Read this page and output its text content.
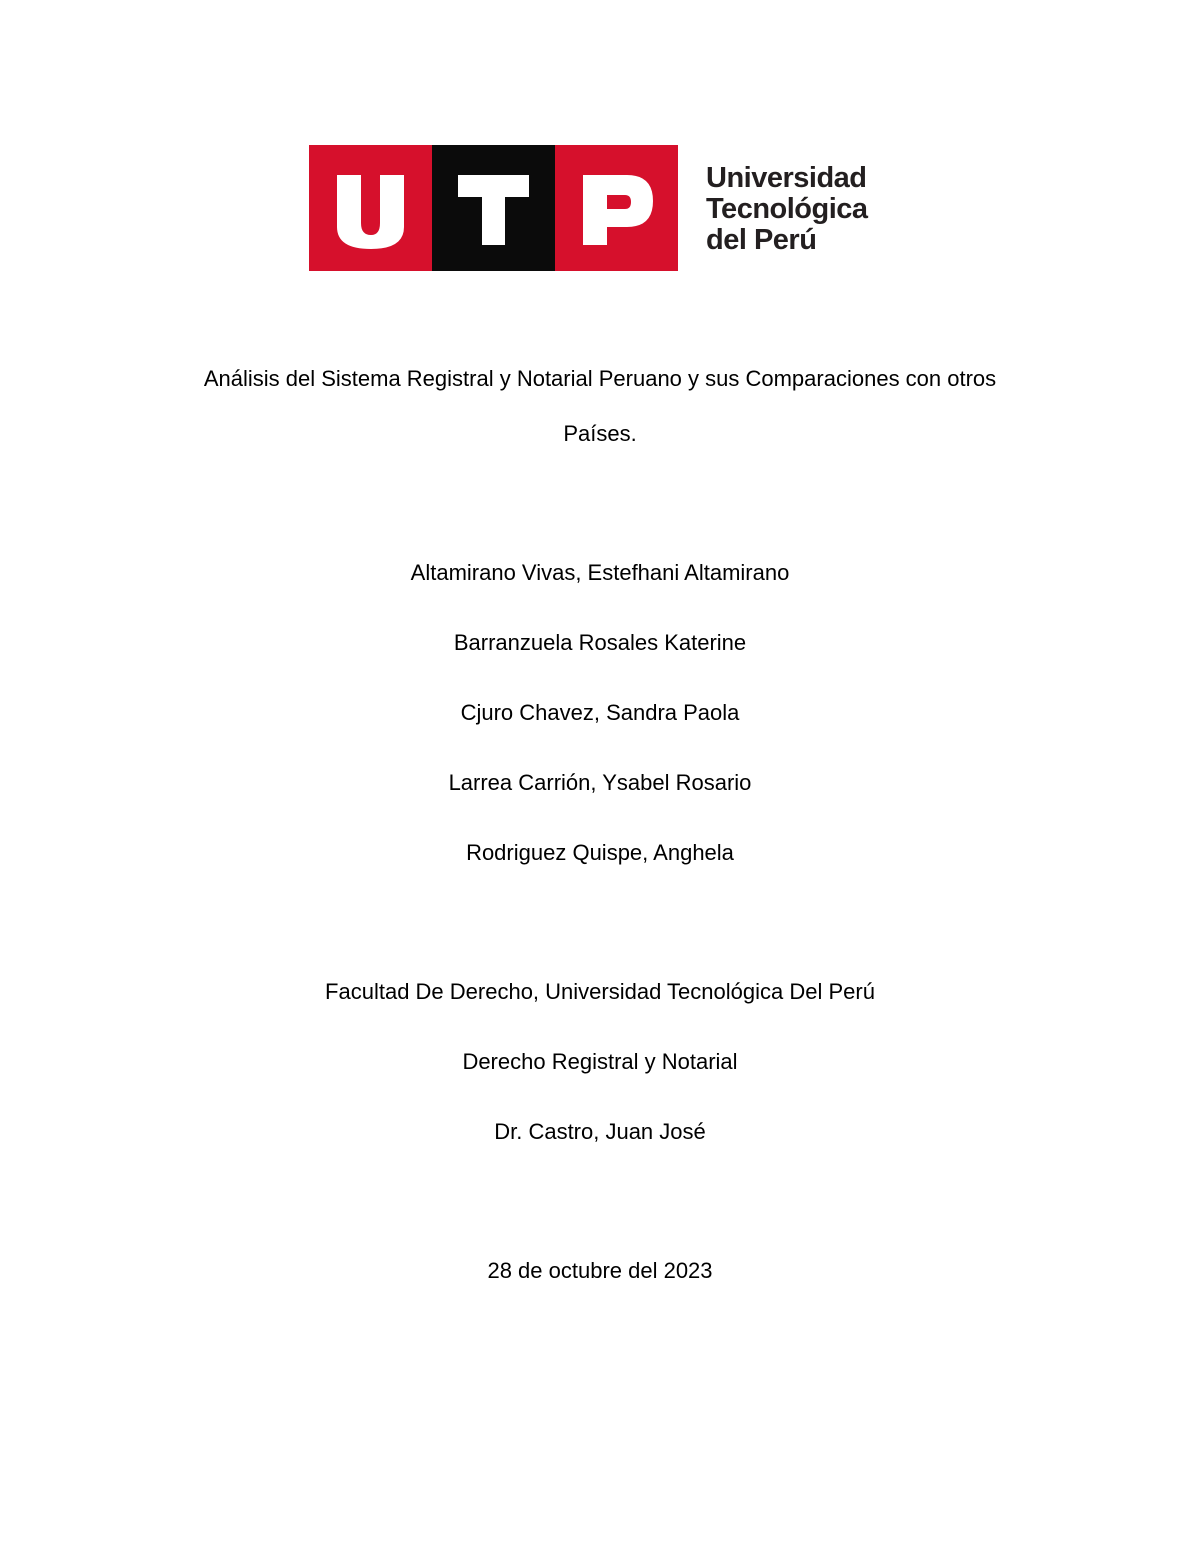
Universidad
Tecnológica
del Perú
Análisis del Sistema Registral y Notarial Peruano y sus Comparaciones con otros
Países.
Altamirano Vivas, Estefhani Altamirano
Barranzuela Rosales Katerine
Cjuro Chavez, Sandra Paola
Larrea Carrión, Ysabel Rosario
Rodriguez Quispe, Anghela
Facultad De Derecho, Universidad Tecnológica Del Perú
Derecho Registral y Notarial
Dr. Castro, Juan José
28 de octubre del 2023
